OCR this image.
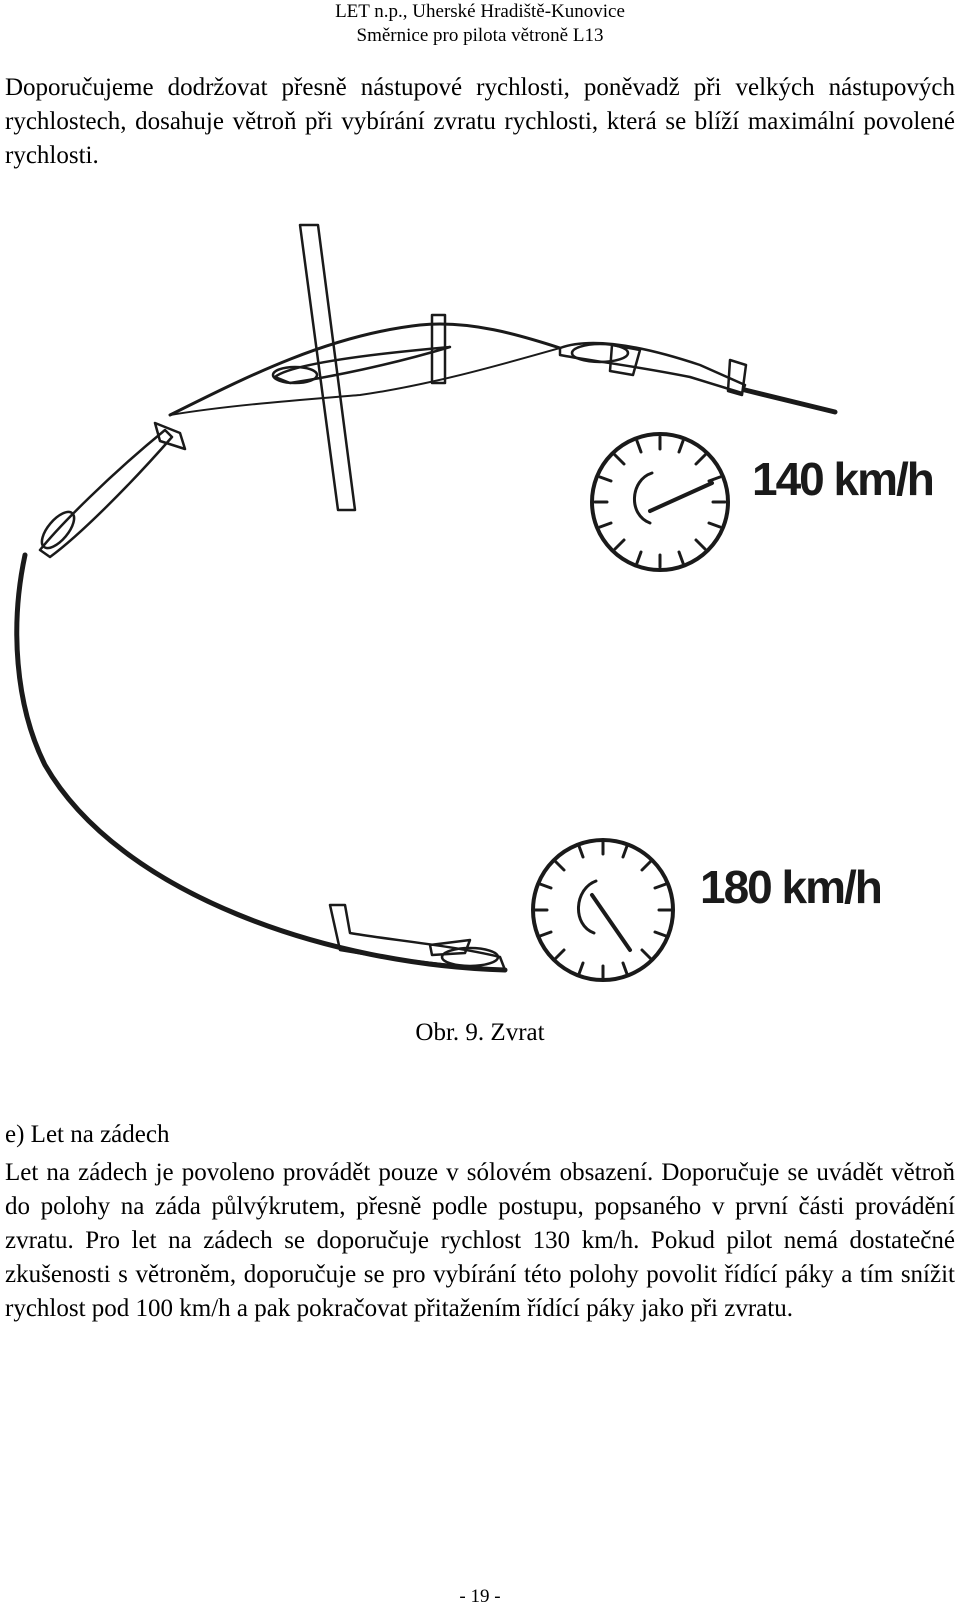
LET n.p., Uherské Hradiště-Kunovice
Směrnice pro pilota větroně L13
Doporučujeme dodržovat přesně nástupové rychlosti, poněvadž při velkých nástupových rychlostech, dosahuje větroň při vybírání zvratu rychlosti, která se blíží maximální povolené rychlosti.
140 km/h
180 km/h
Obr. 9. Zvrat
e) Let na zádech
Let na zádech je povoleno provádět pouze v sólovém obsazení. Doporučuje se uvádět větroň do polohy na záda půlvýkrutem, přesně podle postupu, popsaného v první části provádění zvratu. Pro let na zádech se doporučuje rychlost 130 km/h. Pokud pilot nemá dostatečné zkušenosti s větroněm, doporučuje se pro vybírání této polohy povolit řídící páky a tím snížit rychlost pod 100 km/h a pak pokračovat přitažením řídící páky jako při zvratu.
- 19 -
